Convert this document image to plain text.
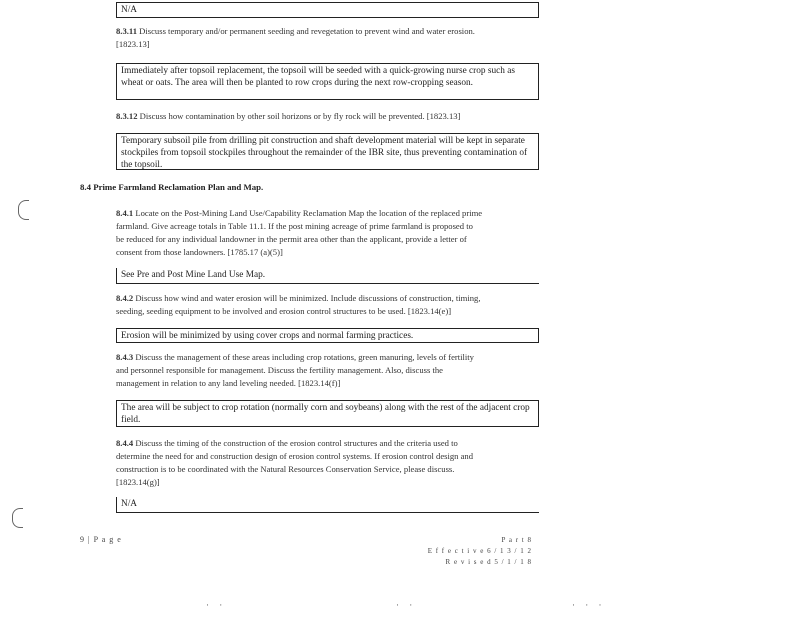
N/A
8.3.11 Discuss temporary and/or permanent seeding and revegetation to prevent wind and water erosion.
[1823.13]
Immediately after topsoil replacement, the topsoil will be seeded with a quick-growing nurse crop such as wheat or oats. The area will then be planted to row crops during the next row-cropping season.
8.3.12 Discuss how contamination by other soil horizons or by fly rock will be prevented. [1823.13]
Temporary subsoil pile from drilling pit construction and shaft development material will be kept in separate stockpiles from topsoil stockpiles throughout the remainder of the IBR site, thus preventing contamination of the topsoil.
8.4 Prime Farmland Reclamation Plan and Map.
8.4.1 Locate on the Post-Mining Land Use/Capability Reclamation Map the location of the replaced prime
farmland. Give acreage totals in Table 11.1. If the post mining acreage of prime farmland is proposed to
be reduced for any individual landowner in the permit area other than the applicant, provide a letter of
consent from those landowners. [1785.17 (a)(5)]
See Pre and Post Mine Land Use Map.
8.4.2 Discuss how wind and water erosion will be minimized. Include discussions of construction, timing,
seeding, seeding equipment to be involved and erosion control structures to be used. [1823.14(e)]
Erosion will be minimized by using cover crops and normal farming practices.
8.4.3 Discuss the management of these areas including crop rotations, green manuring, levels of fertility
and personnel responsible for management. Discuss the fertility management. Also, discuss the
management in relation to any land leveling needed. [1823.14(f)]
The area will be subject to crop rotation (normally corn and soybeans) along with the rest of the adjacent crop field.
8.4.4 Discuss the timing of the construction of the erosion control structures and the criteria used to
determine the need for and construction design of erosion control systems. If erosion control design and
construction is to be coordinated with the Natural Resources Conservation Service, please discuss.
[1823.14(g)]
N/A
9 | P a g e	P a r t 8
E f f e c t i v e 6 / 1 3 / 1 2
R e v i s e d 5 / 1 / 1 8
· ·	· ·	· · ·
